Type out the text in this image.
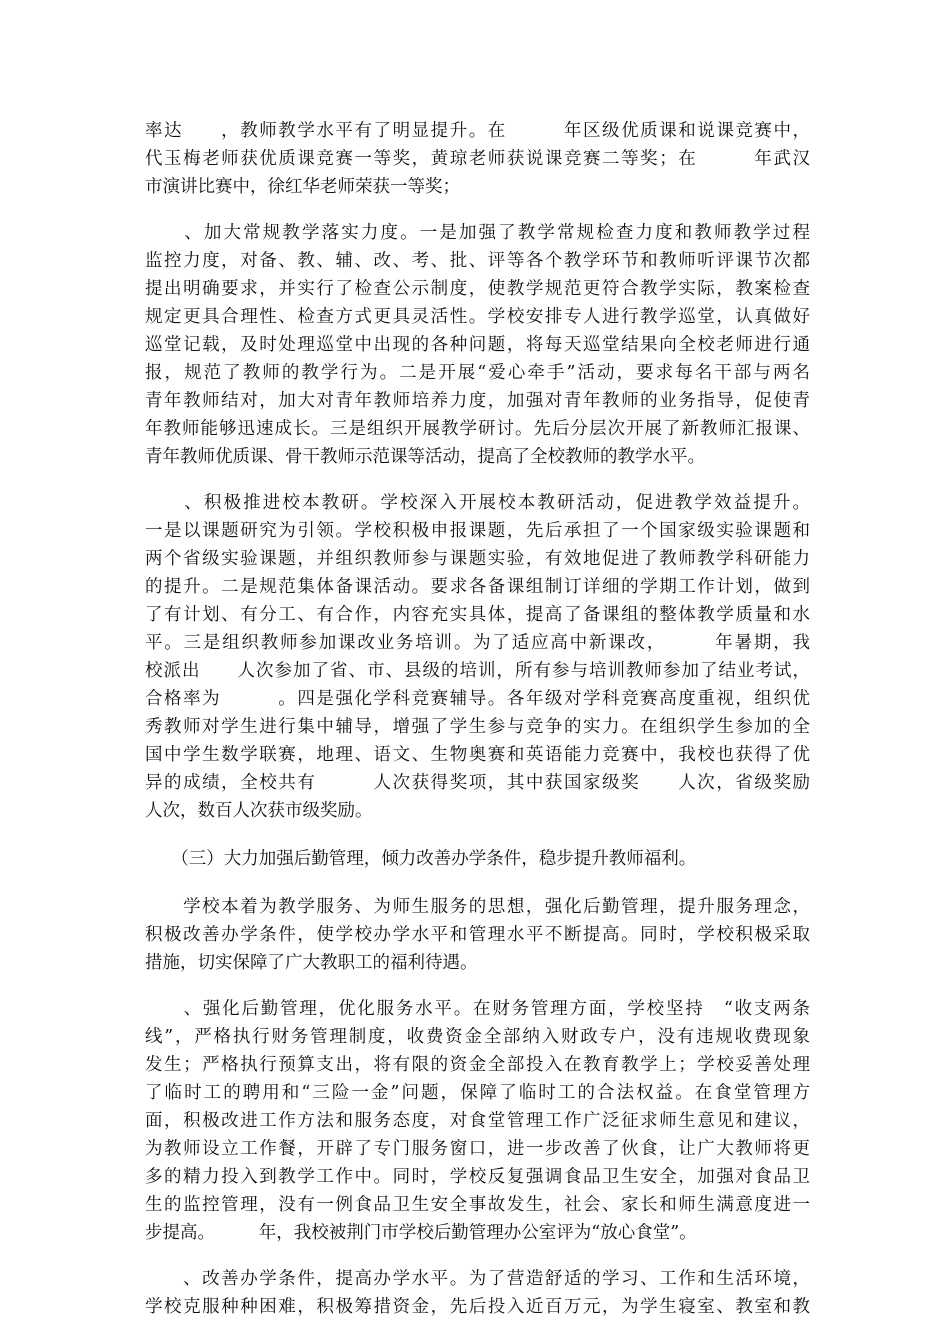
率达　　，教师教学水平有了明显提升。在　　　年区级优质课和说课竞赛中，

代玉梅老师获优质课竞赛一等奖，黄琼老师获说课竞赛二等奖；在　　　年武汉

市演讲比赛中，徐红华老师荣获一等奖；

　　、加大常规教学落实力度。一是加强了教学常规检查力度和教师教学过程

监控力度，对备、教、辅、改、考、批、评等各个教学环节和教师听评课节次都

提出明确要求，并实行了检查公示制度，使教学规范更符合教学实际，教案检查

规定更具合理性、检查方式更具灵活性。学校安排专人进行教学巡堂，认真做好

巡堂记载，及时处理巡堂中出现的各种问题，将每天巡堂结果向全校老师进行通

报，规范了教师的教学行为。二是开展“爱心牵手”活动，要求每名干部与两名

青年教师结对，加大对青年教师培养力度，加强对青年教师的业务指导，促使青

年教师能够迅速成长。三是组织开展教学研讨。先后分层次开展了新教师汇报课、

青年教师优质课、骨干教师示范课等活动，提高了全校教师的教学水平。

　　、积极推进校本教研。学校深入开展校本教研活动，促进教学效益提升。

一是以课题研究为引领。学校积极申报课题，先后承担了一个国家级实验课题和

两个省级实验课题，并组织教师参与课题实验，有效地促进了教师教学科研能力

的提升。二是规范集体备课活动。要求各备课组制订详细的学期工作计划，做到

了有计划、有分工、有合作，内容充实具体，提高了备课组的整体教学质量和水

平。三是组织教师参加课改业务培训。为了适应高中新课改，　　　年暑期，我

校派出　　人次参加了省、市、县级的培训，所有参与培训教师参加了结业考试，

合格率为　　　。四是强化学科竞赛辅导。各年级对学科竞赛高度重视，组织优

秀教师对学生进行集中辅导，增强了学生参与竞争的实力。在组织学生参加的全

国中学生数学联赛，地理、语文、生物奥赛和英语能力竞赛中，我校也获得了优

异的成绩，全校共有　　　人次获得奖项，其中获国家级奖　　人次，省级奖励

人次，数百人次获市级奖励。

　　（三）大力加强后勤管理，倾力改善办学条件，稳步提升教师福利。

　　学校本着为教学服务、为师生服务的思想，强化后勤管理，提升服务理念，

积极改善办学条件，使学校办学水平和管理水平不断提高。同时，学校积极采取

措施，切实保障了广大教职工的福利待遇。

　　、强化后勤管理，优化服务水平。在财务管理方面，学校坚持　“收支两条

线”，严格执行财务管理制度，收费资金全部纳入财政专户，没有违规收费现象

发生；严格执行预算支出，将有限的资金全部投入在教育教学上；学校妥善处理

了临时工的聘用和“三险一金”问题，保障了临时工的合法权益。在食堂管理方

面，积极改进工作方法和服务态度，对食堂管理工作广泛征求师生意见和建议，

为教师设立工作餐，开辟了专门服务窗口，进一步改善了伙食，让广大教师将更

多的精力投入到教学工作中。同时，学校反复强调食品卫生安全，加强对食品卫

生的监控管理，没有一例食品卫生安全事故发生，社会、家长和师生满意度进一

步提高。　　　年，我校被荆门市学校后勤管理办公室评为“放心食堂”。

　　、改善办学条件，提高办学水平。为了营造舒适的学习、工作和生活环境，

学校克服种种困难，积极筹措资金，先后投入近百万元，为学生寝室、教室和教
